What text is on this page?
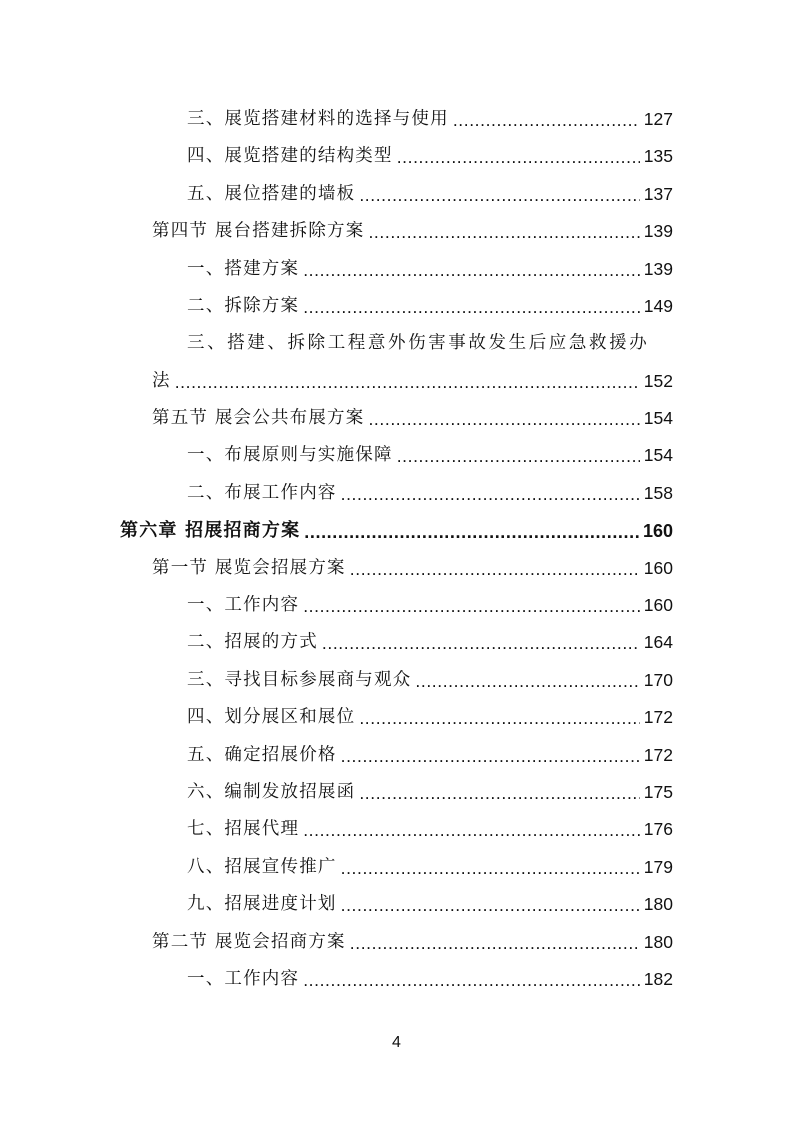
三、展览搭建材料的选择与使用 .....	127
四、展览搭建的结构类型 .....	135
五、展位搭建的墙板 .....	137
第四节 展台搭建拆除方案 .....	139
一、搭建方案 .....	139
二、拆除方案 .....	149
三、搭建、拆除工程意外伤害事故发生后应急救援办
法 .....	152
第五节 展会公共布展方案 .....	154
一、布展原则与实施保障 .....	154
二、布展工作内容 .....	158
第六章 招展招商方案 .....	160
第一节 展览会招展方案 .....	160
一、工作内容 .....	160
二、招展的方式 .....	164
三、寻找目标参展商与观众 .....	170
四、划分展区和展位 .....	172
五、确定招展价格 .....	172
六、编制发放招展函 .....	175
七、招展代理 .....	176
八、招展宣传推广 .....	179
九、招展进度计划 .....	180
第二节 展览会招商方案 .....	180
一、工作内容 .....	182
4
